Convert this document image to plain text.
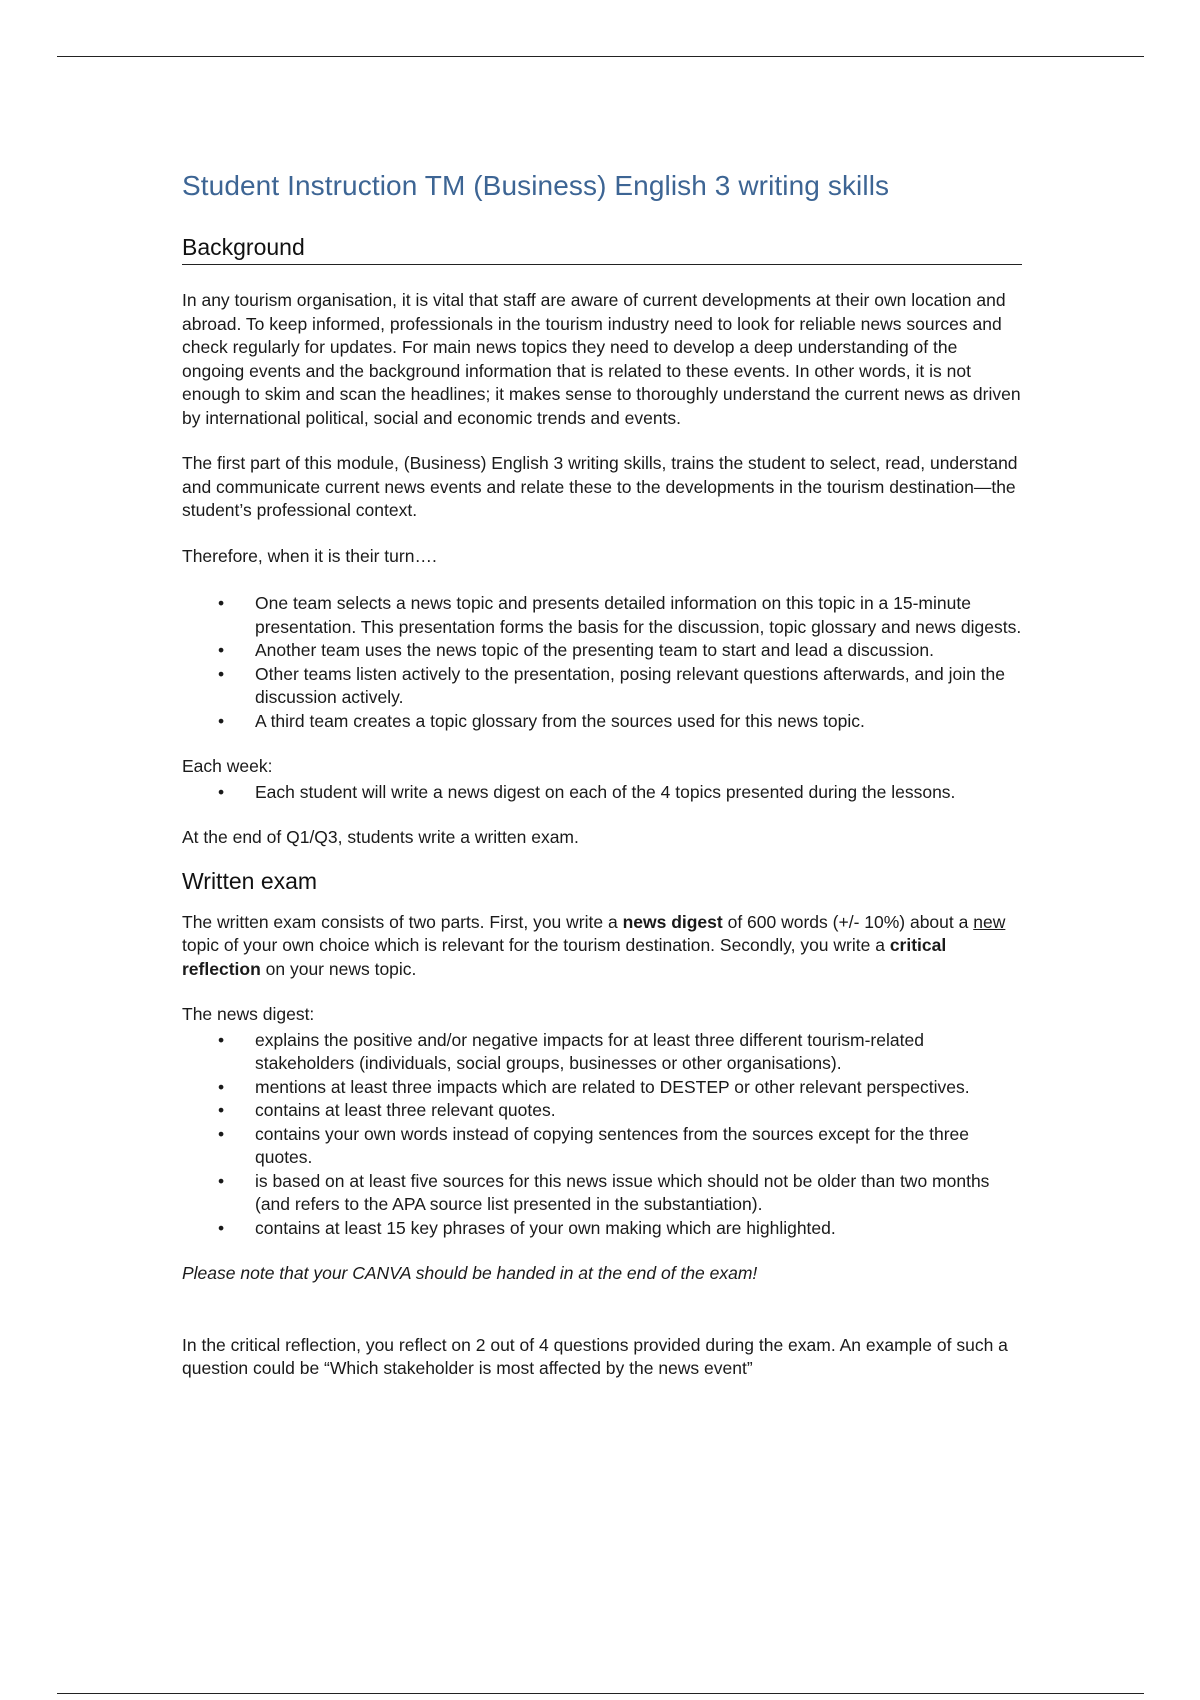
Student Instruction TM (Business) English 3 writing skills
Background

In any tourism organisation, it is vital that staff are aware of current developments at their own location and abroad. To keep informed, professionals in the tourism industry need to look for reliable news sources and check regularly for updates. For main news topics they need to develop a deep understanding of the ongoing events and the background information that is related to these events. In other words, it is not enough to skim and scan the headlines; it makes sense to thoroughly understand the current news as driven by international political, social and economic trends and events.

The first part of this module, (Business) English 3 writing skills, trains the student to select, read, understand and communicate current news events and relate these to the developments in the tourism destination—the student’s professional context.

Therefore, when it is their turn….

• One team selects a news topic and presents detailed information on this topic in a 15-minute presentation. This presentation forms the basis for the discussion, topic glossary and news digests.
• Another team uses the news topic of the presenting team to start and lead a discussion.
• Other teams listen actively to the presentation, posing relevant questions afterwards, and join the discussion actively.
• A third team creates a topic glossary from the sources used for this news topic.

Each week:

• Each student will write a news digest on each of the 4 topics presented during the lessons.

At the end of Q1/Q3, students write a written exam.

Written exam

The written exam consists of two parts. First, you write a news digest of 600 words (+/- 10%) about a new topic of your own choice which is relevant for the tourism destination. Secondly, you write a critical reflection on your news topic.

The news digest:

• explains the positive and/or negative impacts for at least three different tourism-related stakeholders (individuals, social groups, businesses or other organisations).
• mentions at least three impacts which are related to DESTEP or other relevant perspectives.
• contains at least three relevant quotes.
• contains your own words instead of copying sentences from the sources except for the three quotes.
• is based on at least five sources for this news issue which should not be older than two months (and refers to the APA source list presented in the substantiation).
• contains at least 15 key phrases of your own making which are highlighted.

Please note that your CANVA should be handed in at the end of the exam!

In the critical reflection, you reflect on 2 out of 4 questions provided during the exam. An example of such a question could be “Which stakeholder is most affected by the news event”
